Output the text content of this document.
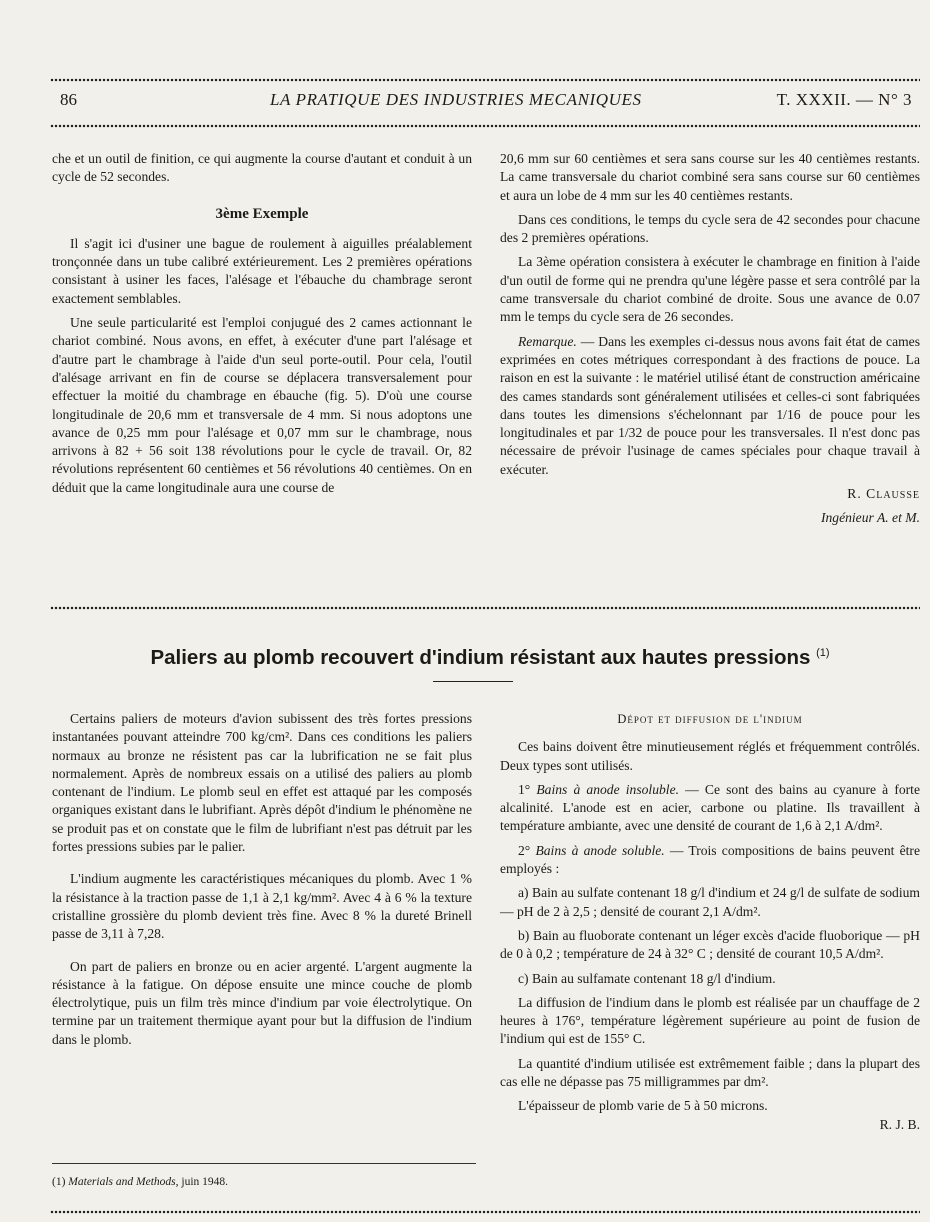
86	LA PRATIQUE DES INDUSTRIES MECANIQUES	T. XXXII. — N° 3

che et un outil de finition, ce qui augmente la course d'autant et conduit à un cycle de 52 secondes.

3ème Exemple

Il s'agit ici d'usiner une bague de roulement à aiguilles préalablement tronçonnée dans un tube calibré extérieurement. Les 2 premières opérations consistant à usiner les faces, l'alésage et l'ébauche du chambrage seront exactement semblables.

Une seule particularité est l'emploi conjugué des 2 cames actionnant le chariot combiné. Nous avons, en effet, à exécuter d'une part l'alésage et d'autre part le chambrage à l'aide d'un seul porte-outil. Pour cela, l'outil d'alésage arrivant en fin de course se déplacera transversalement pour effectuer la moitié du chambrage en ébauche (fig. 5). D'où une course longitudinale de 20,6 mm et transversale de 4 mm. Si nous adoptons une avance de 0,25 mm pour l'alésage et 0,07 mm sur le chambrage, nous arrivons à 82 + 56 soit 138 révolutions pour le cycle de travail. Or, 82 révolutions représentent 60 centièmes et 56 révolutions 40 centièmes. On en déduit que la came longitudinale aura une course de

20,6 mm sur 60 centièmes et sera sans course sur les 40 centièmes restants. La came transversale du chariot combiné sera sans course sur 60 centièmes et aura un lobe de 4 mm sur les 40 centièmes restants.

Dans ces conditions, le temps du cycle sera de 42 secondes pour chacune des 2 premières opérations.

La 3ème opération consistera à exécuter le chambrage en finition à l'aide d'un outil de forme qui ne prendra qu'une légère passe et sera contrôlé par la came transversale du chariot combiné de droite. Sous une avance de 0.07 mm le temps du cycle sera de 26 secondes.

Remarque. — Dans les exemples ci-dessus nous avons fait état de cames exprimées en cotes métriques correspondant à des fractions de pouce. La raison en est la suivante : le matériel utilisé étant de construction américaine des cames standards sont généralement utilisées et celles-ci sont fabriquées dans toutes les dimensions s'échelonnant par 1/16 de pouce pour les longitudinales et par 1/32 de pouce pour les transversales. Il n'est donc pas nécessaire de prévoir l'usinage de cames spéciales pour chaque travail à exécuter.

R. Clausse

Ingénieur A. et M.

Paliers au plomb recouvert d'indium résistant aux hautes pressions $^{(1)}$

Certains paliers de moteurs d'avion subissent des très fortes pressions instantanées pouvant atteindre 700 kg/cm². Dans ces conditions les paliers normaux au bronze ne résistent pas car la lubrification ne se fait plus normalement. Après de nombreux essais on a utilisé des paliers au plomb contenant de l'indium. Le plomb seul en effet est attaqué par les composés organiques existant dans le lubrifiant. Après dépôt d'indium le phénomène ne se produit pas et on constate que le film de lubrifiant n'est pas détruit par les fortes pressions subies par le palier.

L'indium augmente les caractéristiques mécaniques du plomb. Avec 1 % la résistance à la traction passe de 1,1 à 2,1 kg/mm². Avec 4 à 6 % la texture cristalline grossière du plomb devient très fine. Avec 8 % la dureté Brinell passe de 3,11 à 7,28.

On part de paliers en bronze ou en acier argenté. L'argent augmente la résistance à la fatigue. On dépose ensuite une mince couche de plomb électrolytique, puis un film très mince d'indium par voie électrolytique. On termine par un traitement thermique ayant pour but la diffusion de l'indium dans le plomb.

Dépot et diffusion de l'indium

Ces bains doivent être minutieusement réglés et fréquemment contrôlés. Deux types sont utilisés.

1° Bains à anode insoluble. — Ce sont des bains au cyanure à forte alcalinité. L'anode est en acier, carbone ou platine. Ils travaillent à température ambiante, avec une densité de courant de 1,6 à 2,1 A/dm².

2° Bains à anode soluble. — Trois compositions de bains peuvent être employés :

a) Bain au sulfate contenant 18 g/l d'indium et 24 g/l de sulfate de sodium — pH de 2 à 2,5 ; densité de courant 2,1 A/dm².

b) Bain au fluoborate contenant un léger excès d'acide fluoborique — pH de 0 à 0,2 ; température de 24 à 32° C ; densité de courant 10,5 A/dm².

c) Bain au sulfamate contenant 18 g/l d'indium.

La diffusion de l'indium dans le plomb est réalisée par un chauffage de 2 heures à 176°, température légèrement supérieure au point de fusion de l'indium qui est de 155° C.

La quantité d'indium utilisée est extrêmement faible ; dans la plupart des cas elle ne dépasse pas 75 milligrammes par dm².

L'épaisseur de plomb varie de 5 à 50 microns.

R. J. B.

(1) Materials and Methods, juin 1948.
